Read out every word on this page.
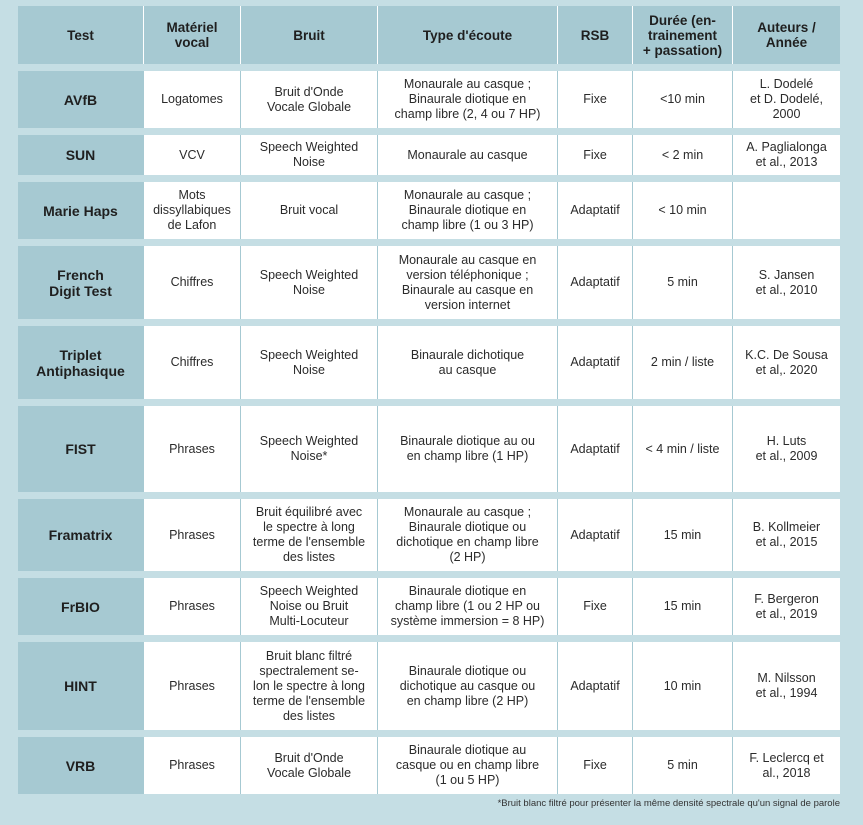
Test	Matériel
vocal	Bruit	Type d'écoute	RSB	Durée (en-
trainement
+ passation)	Auteurs /
Année

AVfB	Logatomes	Bruit d'Onde
Vocale Globale	Monaurale au casque ;
Binaurale diotique en
champ libre (2, 4 ou 7 HP)	Fixe	<10 min	L. Dodelé
et D. Dodelé,
2000

SUN	VCV	Speech Weighted
Noise	Monaurale au casque	Fixe	< 2 min	A. Paglialonga
et al., 2013

Marie Haps	Mots
dissyllabiques
de Lafon	Bruit vocal	Monaurale au casque ;
Binaurale diotique en
champ libre (1 ou 3 HP)	Adaptatif	< 10 min	

French
Digit Test	Chiffres	Speech Weighted
Noise	Monaurale au casque en
version téléphonique ;
Binaurale au casque en
version internet	Adaptatif	5 min	S. Jansen
et al., 2010

Triplet
Antiphasique	Chiffres	Speech Weighted
Noise	Binaurale dichotique
au casque	Adaptatif	2 min / liste	K.C. De Sousa
et al,. 2020

FIST	Phrases	Speech Weighted
Noise*	Binaurale diotique au ou
en champ libre (1 HP)	Adaptatif	< 4 min / liste	H. Luts
et al., 2009

Framatrix	Phrases	Bruit équilibré avec
le spectre à long
terme de l'ensemble
des listes	Monaurale au casque ;
Binaurale diotique ou
dichotique en champ libre
(2 HP)	Adaptatif	15 min	B. Kollmeier
et al., 2015

FrBIO	Phrases	Speech Weighted
Noise ou Bruit
Multi-Locuteur	Binaurale diotique en
champ libre (1 ou 2 HP ou
système immersion = 8 HP)	Fixe	15 min	F. Bergeron
et al., 2019

HINT	Phrases	Bruit blanc filtré
spectralement se-
lon le spectre à long
terme de l'ensemble
des listes	Binaurale diotique ou
dichotique au casque ou
en champ libre (2 HP)	Adaptatif	10 min	M. Nilsson
et al., 1994

VRB	Phrases	Bruit d'Onde
Vocale Globale	Binaurale diotique au
casque ou en champ libre
(1 ou 5 HP)	Fixe	5 min	F. Leclercq et
al., 2018
*Bruit blanc filtré pour présenter la même densité spectrale qu'un signal de parole
